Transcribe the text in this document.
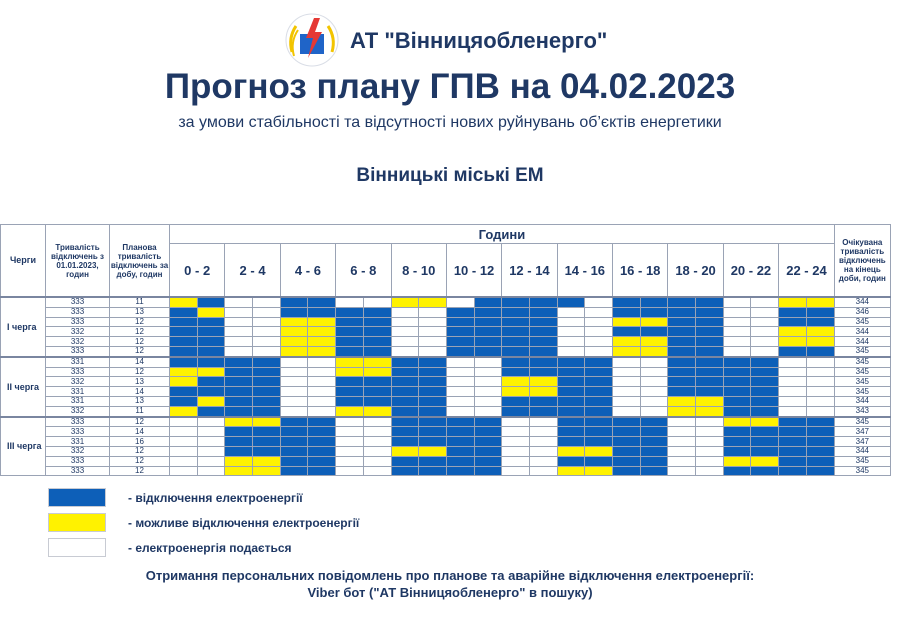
АТ "Вінницяобленерго"
Прогноз плану ГПВ на 04.02.2023
за умови стабільності та відсутності нових руйнувань об’єктів енергетики
Вінницькі міські ЕМ
Черги	Тривалість відключень з 01.01.2023, годин	Планова тривалість відключень за добу, годин	Години																								Очікувана тривалість відключень на кінець доби, годин
			0 - 2		2 - 4		4 - 6		6 - 8		8 - 10		10 - 12		12 - 14		14 - 16		16 - 18		18 - 20		20 - 22		22 - 24		
I черга	333	11																									344
	333	13																									346
	333	12																									345
	332	12																									344
	332	12																									344
	333	12																									345
II черга	331	14																									345
	333	12																									345
	332	13																									345
	331	14																									345
	331	13																									344
	332	11																									343
III черга	333	12																									345
	333	14																									347
	331	16																									347
	332	12																									344
	333	12																									345
	333	12																									345
- відключення електроенергії
- можливе відключення електроенергії
- електроенергія подається
Отримання персональних повідомлень про планове та аварійне відключення електроенергії:
Viber бот ("АТ Вінницяобленерго" в пошуку)
